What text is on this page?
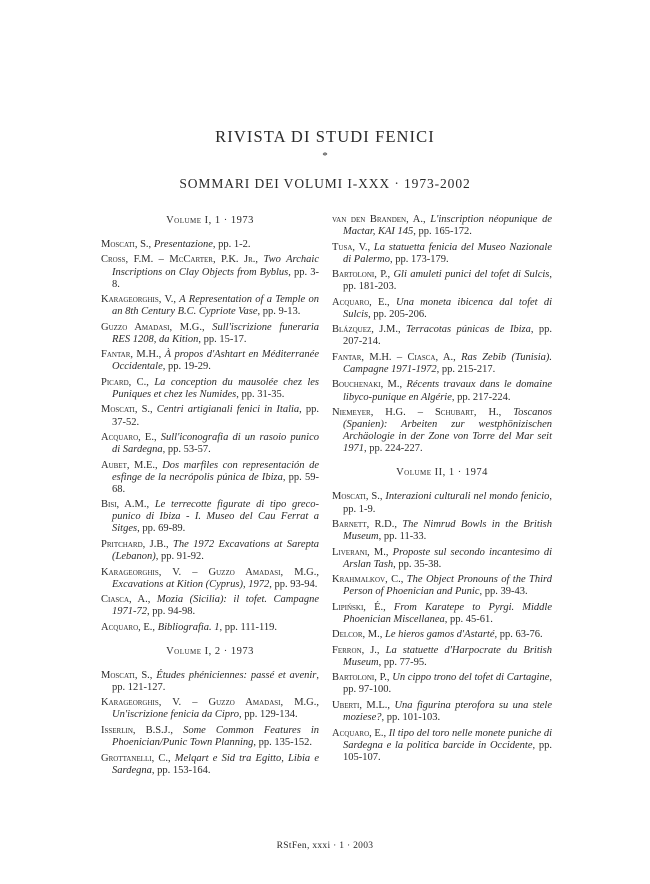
RIVISTA DI STUDI FENICI
*
SOMMARI DEI VOLUMI I-XXX · 1973-2002
Volume I, 1 · 1973
Moscati, S., Presentazione, pp. 1-2.
Cross, F.M. – McCarter, P.K. Jr., Two Archaic Inscriptions on Clay Objects from Byblus, pp. 3-8.
Karageorghis, V., A Representation of a Temple on an 8th Century B.C. Cypriote Vase, pp. 9-13.
Guzzo Amadasi, M.G., Sull'iscrizione funeraria RES 1208, da Kition, pp. 15-17.
Fantar, M.H., À propos d'Ashtart en Méditerranée Occidentale, pp. 19-29.
Picard, C., La conception du mausolée chez les Puniques et chez les Numides, pp. 31-35.
Moscati, S., Centri artigianali fenici in Italia, pp. 37-52.
Acquaro, E., Sull'iconografia di un rasoio punico di Sardegna, pp. 53-57.
Aubet, M.E., Dos marfiles con representación de esfinge de la necrópolis púnica de Ibiza, pp. 59-68.
Bisi, A.M., Le terrecotte figurate di tipo greco-punico di Ibiza - I. Museo del Cau Ferrat a Sitges, pp. 69-89.
Pritchard, J.B., The 1972 Excavations at Sarepta (Lebanon), pp. 91-92.
Karageorghis, V. – Guzzo Amadasi, M.G., Excavations at Kition (Cyprus), 1972, pp. 93-94.
Ciasca, A., Mozia (Sicilia): il tofet. Campagne 1971-72, pp. 94-98.
Acquaro, E., Bibliografia. 1, pp. 111-119.
Volume I, 2 · 1973
Moscati, S., Études phéniciennes: passé et avenir, pp. 121-127.
Karageorghis, V. – Guzzo Amadasi, M.G., Un'iscrizione fenicia da Cipro, pp. 129-134.
Isserlin, B.S.J., Some Common Features in Phoenician/Punic Town Planning, pp. 135-152.
Grottanelli, C., Melqart e Sid tra Egitto, Libia e Sardegna, pp. 153-164.
van den Branden, A., L'inscription néopunique de Mactar, KAI 145, pp. 165-172.
Tusa, V., La statuetta fenicia del Museo Nazionale di Palermo, pp. 173-179.
Bartoloni, P., Gli amuleti punici del tofet di Sulcis, pp. 181-203.
Acquaro, E., Una moneta ibicenca dal tofet di Sulcis, pp. 205-206.
Blázquez, J.M., Terracotas púnicas de Ibiza, pp. 207-214.
Fantar, M.H. – Ciasca, A., Ras Zebib (Tunisia). Campagne 1971-1972, pp. 215-217.
Bouchenaki, M., Récents travaux dans le domaine libyco-punique en Algérie, pp. 217-224.
Niemeyer, H.G. – Schubart, H., Toscanos (Spanien): Arbeiten zur westphönizischen Archäologie in der Zone von Torre del Mar seit 1971, pp. 224-227.
Volume II, 1 · 1974
Moscati, S., Interazioni culturali nel mondo fenicio, pp. 1-9.
Barnett, R.D., The Nimrud Bowls in the British Museum, pp. 11-33.
Liverani, M., Proposte sul secondo incantesimo di Arslan Tash, pp. 35-38.
Krahmalkov, C., The Object Pronouns of the Third Person of Phoenician and Punic, pp. 39-43.
Lipiński, É., From Karatepe to Pyrgi. Middle Phoenician Miscellanea, pp. 45-61.
Delcor, M., Le hieros gamos d'Astarté, pp. 63-76.
Ferron, J., La statuette d'Harpocrate du British Museum, pp. 77-95.
Bartoloni, P., Un cippo trono del tofet di Cartagine, pp. 97-100.
Uberti, M.L., Una figurina pteroforа su una stele moziese?, pp. 101-103.
Acquaro, E., Il tipo del toro nelle monete puniche di Sardegna e la politica barcide in Occidente, pp. 105-107.
RStFen, xxxi · 1 · 2003
